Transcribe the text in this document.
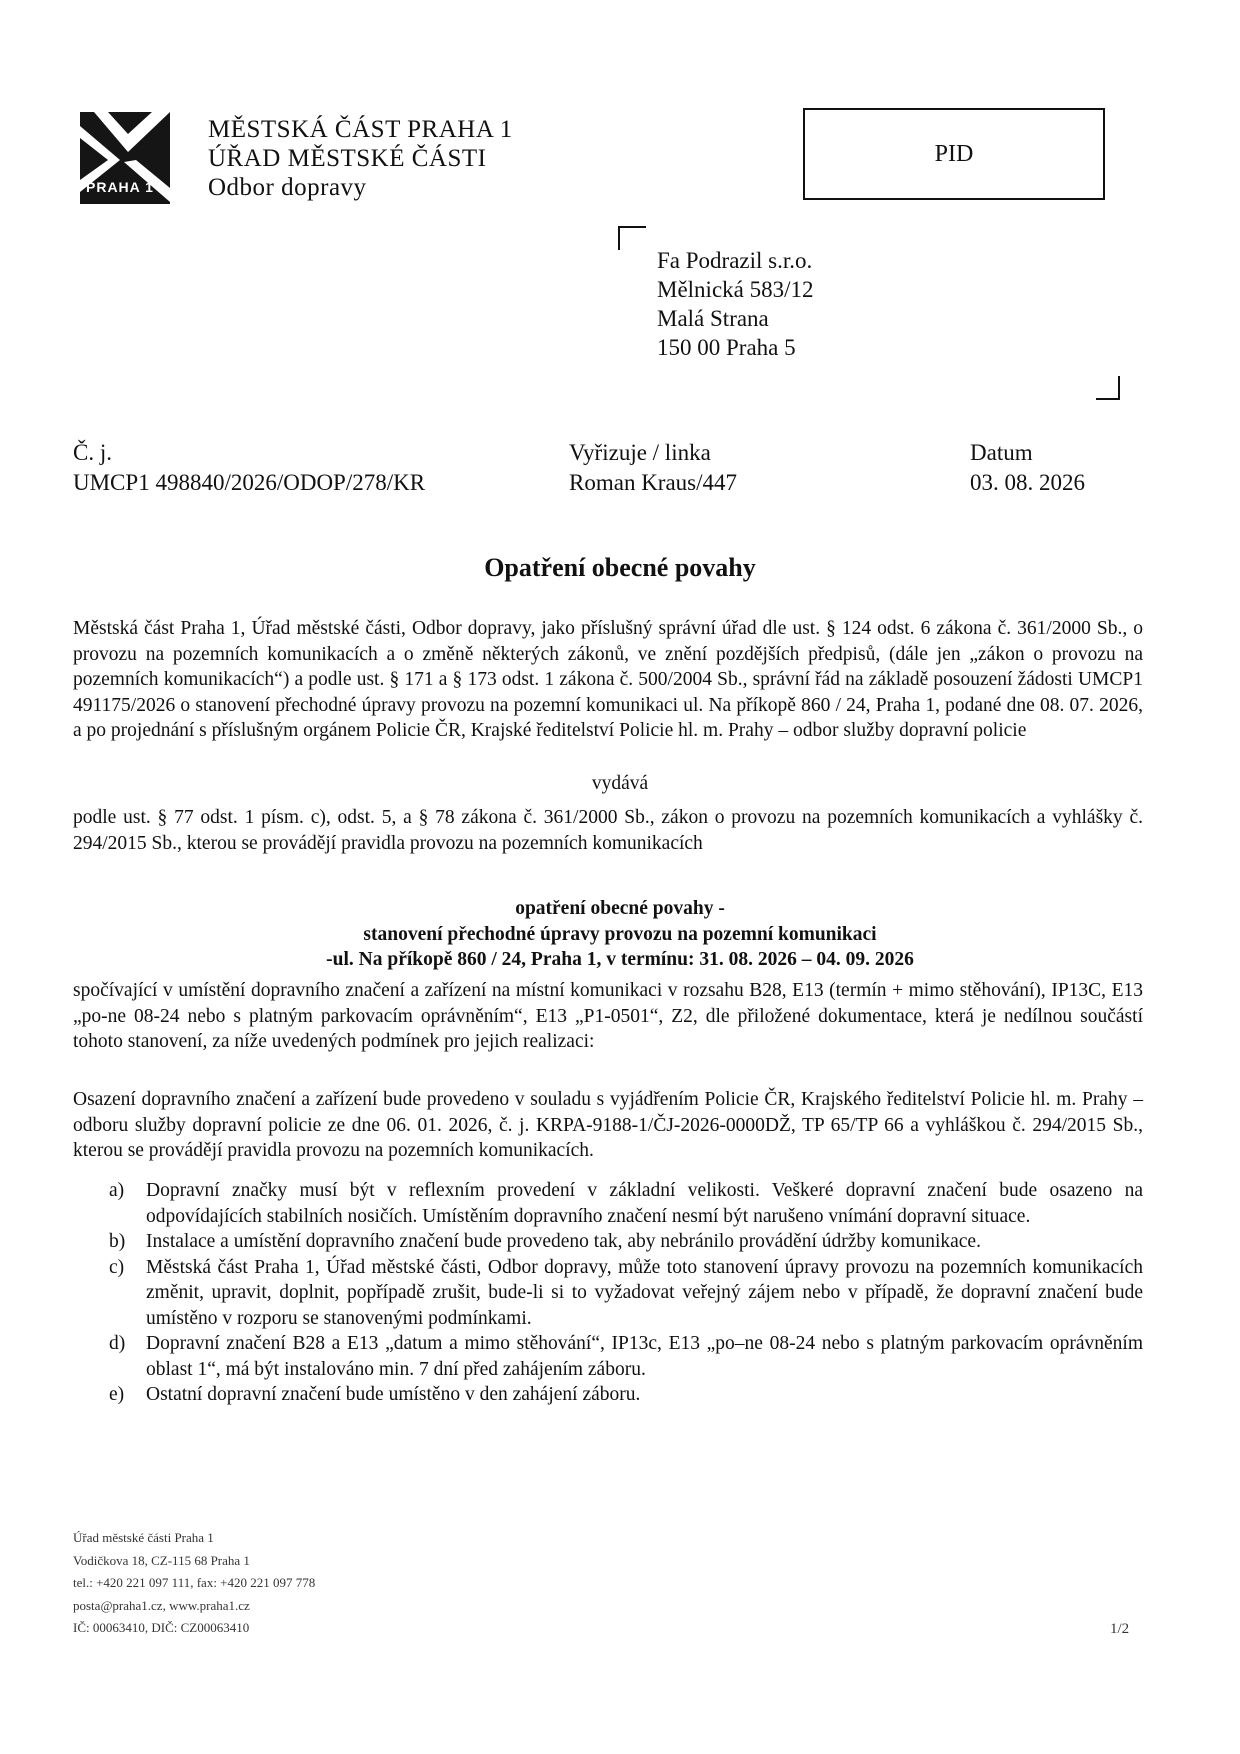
PRAHA 1
MĚSTSKÁ ČÁST PRAHA 1
ÚŘAD MĚSTSKÉ ČÁSTI
Odbor dopravy
PID
Fa Podrazil s.r.o.
Mělnická 583/12
Malá Strana
150 00 Praha 5
Č. j.
UMCP1 498840/2026/ODOP/278/KR
Vyřizuje / linka
Roman Kraus/447
Datum
03. 08. 2026
Opatření obecné povahy
Městská část Praha 1, Úřad městské části, Odbor dopravy, jako příslušný správní úřad dle ust. § 124 odst. 6 zákona č. 361/2000 Sb., o provozu na pozemních komunikacích a o změně některých zákonů, ve znění pozdějších předpisů, (dále jen „zákon o provozu na pozemních komunikacích“) a podle ust. § 171 a § 173 odst. 1 zákona č. 500/2004 Sb., správní řád na základě posouzení žádosti UMCP1 491175/2026 o stanovení přechodné úpravy provozu na pozemní komunikaci ul. Na příkopě 860 / 24, Praha 1, podané dne 08. 07. 2026, a po projednání s příslušným orgánem Policie ČR, Krajské ředitelství Policie hl. m. Prahy – odbor služby dopravní policie
vydává
podle ust. § 77 odst. 1 písm. c), odst. 5, a § 78 zákona č. 361/2000 Sb., zákon o provozu na pozemních komunikacích a vyhlášky č. 294/2015 Sb., kterou se provádějí pravidla provozu na pozemních komunikacích
opatření obecné povahy -
stanovení přechodné úpravy provozu na pozemní komunikaci
-ul. Na příkopě 860 / 24, Praha 1, v termínu: 31. 08. 2026 – 04. 09. 2026
spočívající v umístění dopravního značení a zařízení na místní komunikaci v rozsahu B28, E13 (termín + mimo stěhování), IP13C, E13 „po-ne 08-24 nebo s platným parkovacím oprávněním“, E13 „P1-0501“, Z2, dle přiložené dokumentace, která je nedílnou součástí tohoto stanovení, za níže uvedených podmínek pro jejich realizaci:
Osazení dopravního značení a zařízení bude provedeno v souladu s vyjádřením Policie ČR, Krajského ředitelství Policie hl. m. Prahy – odboru služby dopravní policie ze dne 06. 01. 2026, č. j. KRPA-9188-1/ČJ-2026-0000DŽ, TP 65/TP 66 a vyhláškou č. 294/2015 Sb., kterou se provádějí pravidla provozu na pozemních komunikacích.
a)	Dopravní značky musí být v reflexním provedení v základní velikosti. Veškeré dopravní značení bude osazeno na odpovídajících stabilních nosičích. Umístěním dopravního značení nesmí být narušeno vnímání dopravní situace.
b)	Instalace a umístění dopravního značení bude provedeno tak, aby nebránilo provádění údržby komunikace.
c)	Městská část Praha 1, Úřad městské části, Odbor dopravy, může toto stanovení úpravy provozu na pozemních komunikacích změnit, upravit, doplnit, popřípadě zrušit, bude-li si to vyžadovat veřejný zájem nebo v případě, že dopravní značení bude umístěno v rozporu se stanovenými podmínkami.
d)	Dopravní značení B28 a E13 „datum a mimo stěhování“, IP13c, E13 „po–ne 08-24 nebo s platným parkovacím oprávněním oblast 1“, má být instalováno min. 7 dní před zahájením záboru.
e)	Ostatní dopravní značení bude umístěno v den zahájení záboru.
Úřad městské části Praha 1
Vodičkova 18, CZ-115 68 Praha 1
tel.: +420 221 097 111, fax: +420 221 097 778
posta@praha1.cz, www.praha1.cz
IČ: 00063410, DIČ: CZ00063410	1/2
